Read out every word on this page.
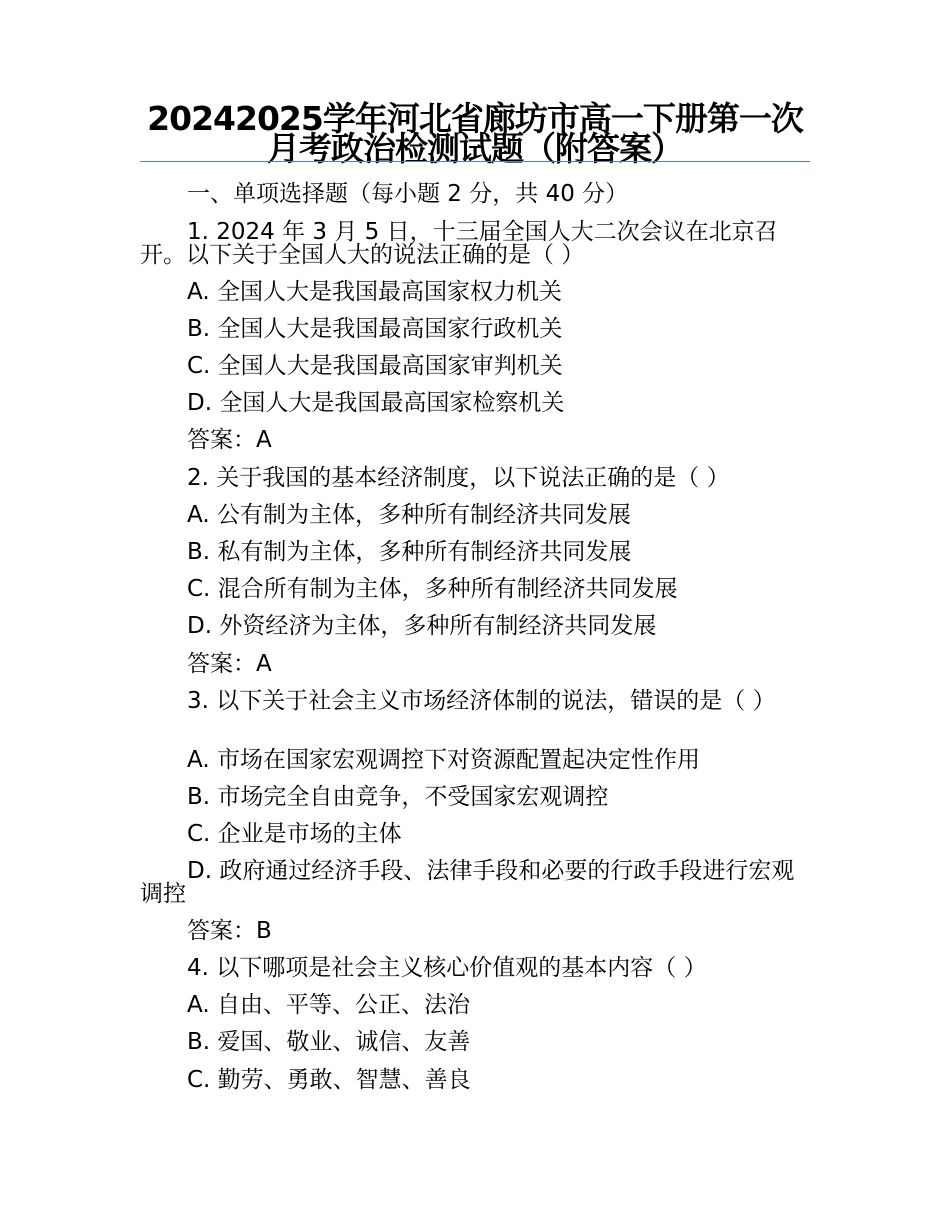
20242025学年河北省廊坊市高一下册第一次月考政治检测试题（附答案）
一、单项选择题（每小题 2 分，共 40 分）
1. 2024 年 3 月 5 日，十三届全国人大二次会议在北京召开。以下关于全国人大的说法正确的是（ ）
A. 全国人大是我国最高国家权力机关
B. 全国人大是我国最高国家行政机关
C. 全国人大是我国最高国家审判机关
D. 全国人大是我国最高国家检察机关
答案：A
2. 关于我国的基本经济制度，以下说法正确的是（ ）
A. 公有制为主体，多种所有制经济共同发展
B. 私有制为主体，多种所有制经济共同发展
C. 混合所有制为主体，多种所有制经济共同发展
D. 外资经济为主体，多种所有制经济共同发展
答案：A
3. 以下关于社会主义市场经济体制的说法，错误的是（ ）
A. 市场在国家宏观调控下对资源配置起决定性作用
B. 市场完全自由竞争，不受国家宏观调控
C. 企业是市场的主体
D. 政府通过经济手段、法律手段和必要的行政手段进行宏观调控
答案：B
4. 以下哪项是社会主义核心价值观的基本内容（ ）
A. 自由、平等、公正、法治
B. 爱国、敬业、诚信、友善
C. 勤劳、勇敢、智慧、善良
